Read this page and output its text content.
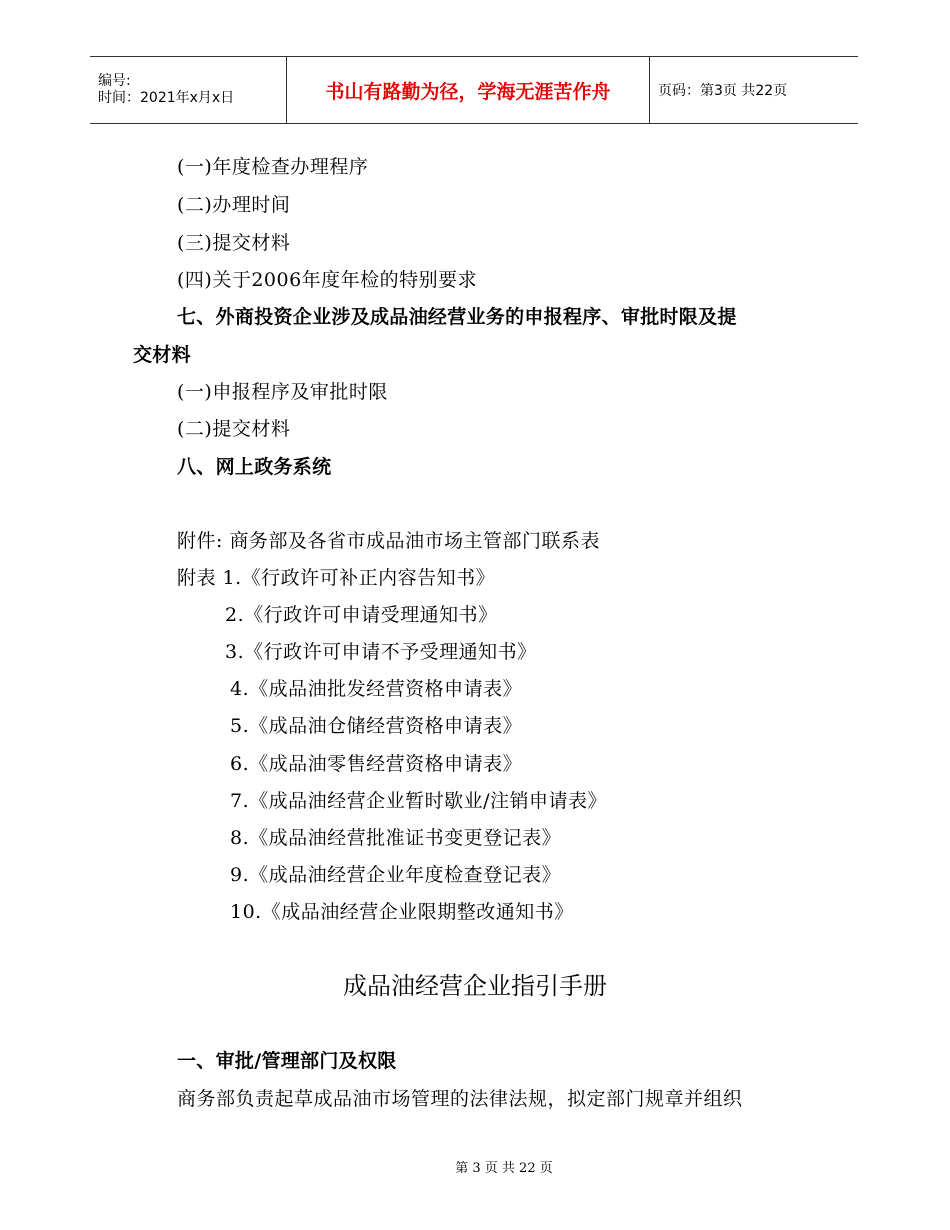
编号:
时间：2021年x月x日	书山有路勤为径，学海无涯苦作舟	页码：第3页 共22页
(一)年度检查办理程序
(二)办理时间
(三)提交材料
(四)关于2006年度年检的特别要求
七、外商投资企业涉及成品油经营业务的申报程序、审批时限及提
交材料
(一)申报程序及审批时限
(二)提交材料
八、网上政务系统
附件: 商务部及各省市成品油市场主管部门联系表
附表 1.《行政许可补正内容告知书》
2.《行政许可申请受理通知书》
3.《行政许可申请不予受理通知书》
4.《成品油批发经营资格申请表》
5.《成品油仓储经营资格申请表》
6.《成品油零售经营资格申请表》
7.《成品油经营企业暂时歇业/注销申请表》
8.《成品油经营批准证书变更登记表》
9.《成品油经营企业年度检查登记表》
10.《成品油经营企业限期整改通知书》
成品油经营企业指引手册
一、审批/管理部门及权限
商务部负责起草成品油市场管理的法律法规，拟定部门规章并组织
第 3 页 共 22 页
